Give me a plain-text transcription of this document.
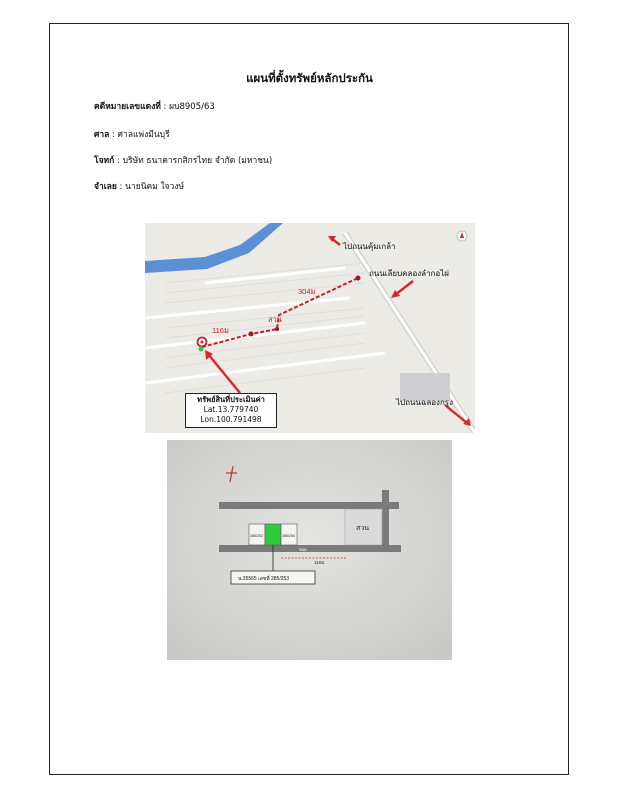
แผนที่ตั้งทรัพย์หลักประกัน
คดีหมายเลขแดงที่ : ผบ8905/63
ศาล : ศาลแพ่งมีนบุรี
โจทก์ : บริษัท ธนาคารกสิกรไทย จำกัด (มหาชน)
จำเลย : นายนิคม ใจวงษ์
ไปถนนคุ้มเกล้า
ถนนเลียบคลองลำกอไผ่
304ม
สวน
116ม
ไปถนนฉลองกรุง
ทรัพย์สินที่ประเมินค่า
Lat.13.779740
Lon.100.791498
สวน
285/252	285/254
ซอย
116ม.
น.35565 เลขที่ 285/253
